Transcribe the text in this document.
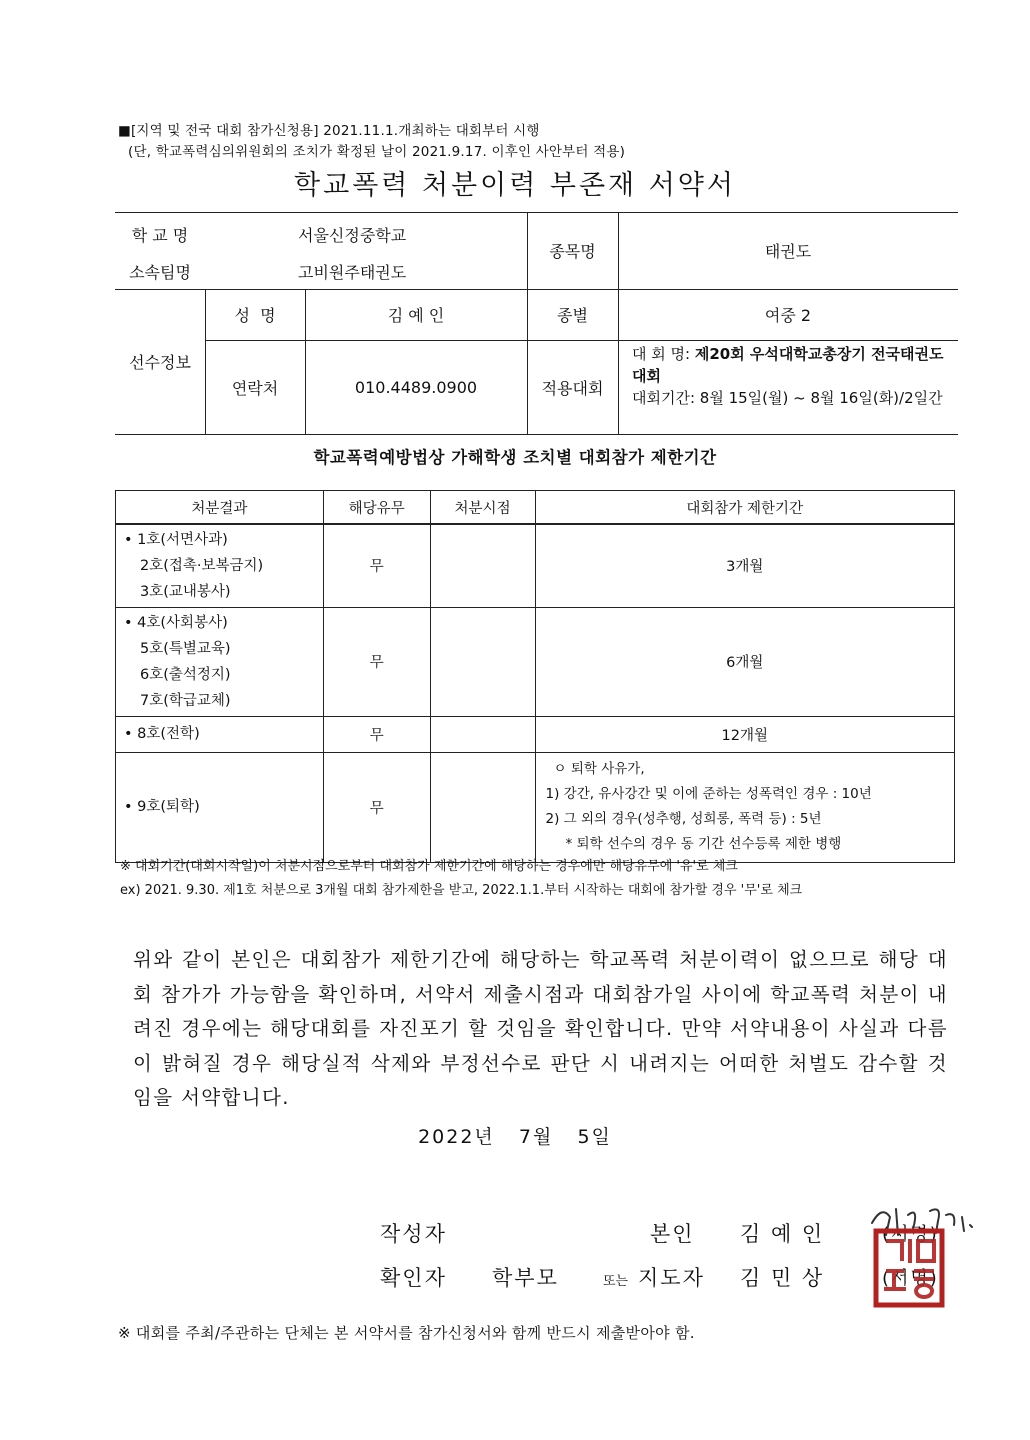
■[지역 및 전국 대회 참가신청용] 2021.11.1.개최하는 대회부터 시행
(단, 학교폭력심의위원회의 조치가 확정된 날이 2021.9.17. 이후인 사안부터 적용)
학교폭력 처분이력 부존재 서약서
학 교 명	서울신정중학교
소속팀명	고비원주태권도
종목명	태권도
선수정보
성  명	김 예 인	종별	여중 2
연락처	010.4489.0900	적용대회
대 회 명: 제20회 우석대학교총장기 전국태권도대회
대회기간: 8월 15일(월) ~ 8월 16일(화)/2일간
학교폭력예방법상 가해학생 조치별 대회참가 제한기간
처분결과	해당유무	처분시점	대회참가 제한기간

• 1호(서면사과)
2호(접촉·보복금지)
3호(교내봉사)	무		3개월

• 4호(사회봉사)
5호(특별교육)
6호(출석정지)
7호(학급교체)	무		6개월

• 8호(전학)	무		12개월

• 9호(퇴학)	무		ㅇ 퇴학 사유가,
1) 강간, 유사강간 및 이에 준하는 성폭력인 경우 : 10년
2) 그 외의 경우(성추행, 성희롱, 폭력 등) : 5년
* 퇴학 선수의 경우 동 기간 선수등록 제한 병행
※ 대회기간(대회시작일)이 처분시점으로부터 대회참가 제한기간에 해당하는 경우에만 해당유무에 '유'로 체크
ex) 2021. 9.30. 제1호 처분으로 3개월 대회 참가제한을 받고, 2022.1.1.부터 시작하는 대회에 참가할 경우 '무'로 체크
위와 같이 본인은 대회참가 제한기간에 해당하는 학교폭력 처분이력이 없으므로 해당 대회 참가가 가능함을 확인하며, 서약서 제출시점과 대회참가일 사이에 학교폭력 처분이 내려진 경우에는 해당대회를 자진포기 할 것임을 확인합니다. 만약 서약내용이 사실과 다름이 밝혀질 경우 해당실적 삭제와 부정선수로 판단 시 내려지는 어떠한 처벌도 감수할 것임을 서약합니다.
2022년   7월   5일
작성자	본인 김 예 인	(서명)
확인자 학부모	또는 지도자 김 민 상	(서명)
※ 대회를 주최/주관하는 단체는 본 서약서를 참가신청서와 함께 반드시 제출받아야 함.
